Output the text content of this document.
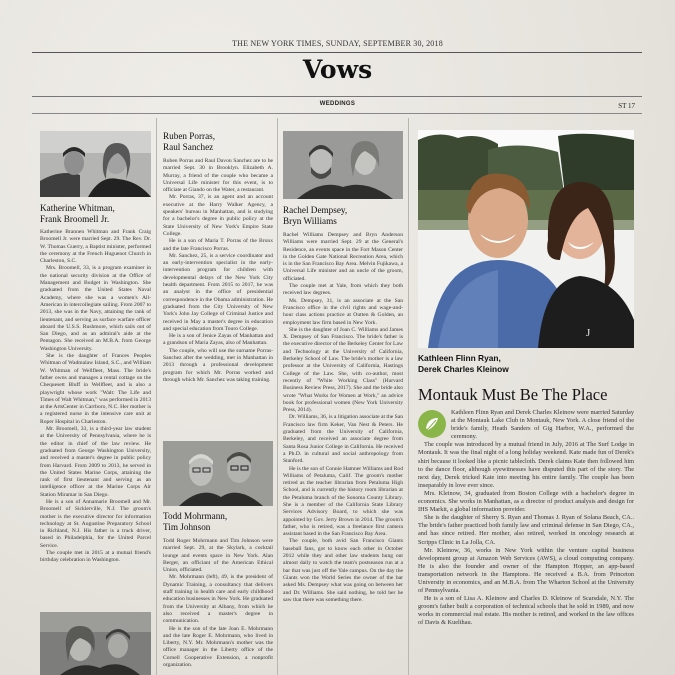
THE NEW YORK TIMES, SUNDAY, SEPTEMBER 30, 2018
Vows
WEDDINGS	ST 17
Katherine Whitman,
Frank Broomell Jr.

Katherine Brannen Whitman and Frank Craig Broomell Jr. were married Sept. 29. The Rev. Dr. W. Thomas Guerry, a Baptist minister, performed the ceremony at the French Huguenot Church in Charleston, S.C.

Mrs. Broomell, 33, is a program examiner in the national security division at the Office of Management and Budget in Washington. She graduated from the United States Naval Academy, where she was a women's All-American in intercollegiate sailing. From 2007 to 2013, she was in the Navy, attaining the rank of lieutenant, and serving as surface warfare officer aboard the U.S.S. Rushmore, which sails out of San Diego, and as an admiral's aide at the Pentagon. She received an M.B.A. from George Washington University.

She is the daughter of Frances Peoples Whitman of Wadmalaw Island, S.C., and William W. Whitman of Wellfleet, Mass. The bride's father owns and manages a rental cottage on the Chequesett Bluff in Wellfleet, and is also a playwright whose work "Walt: The Life and Times of Walt Whitman," was performed in 2013 at the ArtsCenter in Carrboro, N.C. Her mother is a registered nurse in the intensive care unit at Roper Hospital in Charleston.

Mr. Broomell, 33, is a third-year law student at the University of Pennsylvania, where he is the editor in chief of the law review. He graduated from George Washington University, and received a master's degree in public policy from Harvard. From 2009 to 2013, he served in the United States Marine Corps, attaining the rank of first lieutenant and serving as an intelligence officer at the Marine Corps Air Station Miramar in San Diego.

He is a son of Annamarie Broomell and Mr. Broomell of Sicklerville, N.J. The groom's mother is the executive director for information technology at St. Augustine Preparatory School in Richland, N.J. His father is a truck driver, based in Philadelphia, for the United Parcel Service.

The couple met in 2015 at a mutual friend's birthday celebration in Washington.

Ruben Porras,
Raul Sanchez

Ruben Porras and Raul Davon Sanchez are to be married Sept. 30 in Brooklyn. Elizabeth A. Murray, a friend of the couple who became a Universal Life minister for this event, is to officiate at Giando on the Water, a restaurant.

Mr. Porras, 37, is an agent and an account executive at the Harry Walker Agency, a speakers' bureau in Manhattan, and is studying for a bachelor's degree in public policy at the State University of New York's Empire State College.

He is a son of Maria T. Porras of the Bronx and the late Francisco Porras.

Mr. Sanchez, 25, is a service coordinator and an early-intervention specialist in the early-intervention program for children with developmental delays of the New York City health department. From 2015 to 2017, he was an analyst in the office of presidential correspondence in the Obama administration. He graduated from the City University of New York's John Jay College of Criminal Justice and received in May a master's degree in education and special education from Touro College.

He is a son of Jenice Zayas of Manhattan and a grandson of Maria Zayas, also of Manhattan.

The couple, who will use the surname Porras-Sanchez after the wedding, met in Manhattan in 2013 through a professional development program for which Mr. Porras worked and through which Mr. Sanchez was taking training.

Todd Mohrmann,
Tim Johnson

Todd Roger Mohrmann and Tim Johnson were married Sept. 29, at the Skylark, a cocktail lounge and events space in New York. Alan Berger, an officiant of the American Ethical Union, officiated.

Mr. Mohrmann (left), 49, is the president of Dynamic Training, a consultancy that delivers staff training in health care and early childhood education businesses in New York. He graduated from the University at Albany, from which he also received a master's degree in communication.

He is the son of the late Joan E. Mohrmann and the late Roger E. Mohrmann, who lived in Liberty, N.Y. Mr. Mohrmann's mother was the office manager in the Liberty office of the Cornell Cooperative Extension, a nonprofit organization.

Rachel Dempsey,
Bryn Williams

Rachel Williams Dempsey and Bryn Anderson Williams were married Sept. 29 at the General's Residence, an events space in the Fort Mason Center in the Golden Gate National Recreation Area, which is in the San Francisco Bay Area. Melvin Fujikawa, a Universal Life minister and an uncle of the groom, officiated.

The couple met at Yale, from which they both received law degrees.

Ms. Dempsey, 31, is an associate at the San Francisco office in the civil rights and wage-and-hour class actions practice at Outten & Golden, an employment law firm based in New York.

She is the daughter of Joan C. Williams and James X. Dempsey of San Francisco. The bride's father is the executive director of the Berkeley Center for Law and Technology at the University of California, Berkeley School of Law. The bride's mother is a law professor at the University of California, Hastings College of the Law. She, with co-author, most recently of "White Working Class" (Harvard Business Review Press, 2017). She and the bride also wrote "What Works for Women at Work," an advice book for professional women (New York University Press, 2014).

Dr. Williams, 36, is a litigation associate at the San Francisco law firm Keker, Van Nest & Peters. He graduated from the University of California, Berkeley, and received an associate degree from Santa Rosa Junior College in California. He received a Ph.D. in cultural and social anthropology from Stanford.

He is the son of Connie Hamner Williams and Rod Williams of Petaluma, Calif. The groom's mother retired as the teacher librarian from Petaluma High School, and is currently the history room librarian at the Petaluma branch of the Sonoma County Library. She is a member of the California State Library Services Advisory Board, to which she was appointed by Gov. Jerry Brown in 2014. The groom's father, who is retired, was a freelance first camera assistant based in the San Francisco Bay Area.

The couple, both avid San Francisco Giants baseball fans, got to know each other in October 2012 while they and other law students hung out almost daily to watch the team's postseason run at a bar that was just off the Yale campus. On the day the Giants won the World Series the owner of the bar asked Ms. Dempsey what was going on between her and Dr. Williams. She said nothing, he told her he saw that there was something there.

J
Kathleen Flinn Ryan,
Derek Charles Kleinow
Montauk Must Be The Place

Kathleen Flinn Ryan and Derek Charles Kleinow were married Saturday at the Montauk Lake Club in Montauk, New York. A close friend of the bride's family, Heath Sanders of Gig Harbor, W.A., performed the ceremony.

The couple was introduced by a mutual friend in July, 2016 at The Surf Lodge in Montauk. It was the final night of a long holiday weekend. Kate made fun of Derek's shirt because it looked like a picnic tablecloth. Derek claims Kate then followed him to the dance floor, although eyewitnesses have disputed this part of the story. The next day, Derek tricked Kate into meeting his entire family. The couple has been inseparably in love ever since.

Mrs. Kleinow, 34, graduated from Boston College with a bachelor's degree in economics. She works in Manhattan, as a director of product analysis and design for IHS Markit, a global information provider.

She is the daughter of Sherry S. Ryan and Thomas J. Ryan of Solana Beach, CA.. The bride's father practiced both family law and criminal defense in San Diego, CA., and has since retired. Her mother, also retired, worked in oncology research at Scripps Clinic in La Jolla, CA.

Mr. Kleinow, 36, works in New York within the venture capital business development group at Amazon Web Services (AWS), a cloud computing company. He is also the founder and owner of the Hampton Hopper, an app-based transportation network in the Hamptons. He received a B.A. from Princeton University in economics, and an M.B.A. from The Wharton School at the University of Pennsylvania.

He is a son of Lisa A. Kleinow and Charles D. Kleinow of Scarsdale, N.Y. The groom's father built a corporation of technical schools that he sold in 1989, and now works in commercial real estate. His mother is retired, and worked in the law offices of Davis & Kuelthau.
